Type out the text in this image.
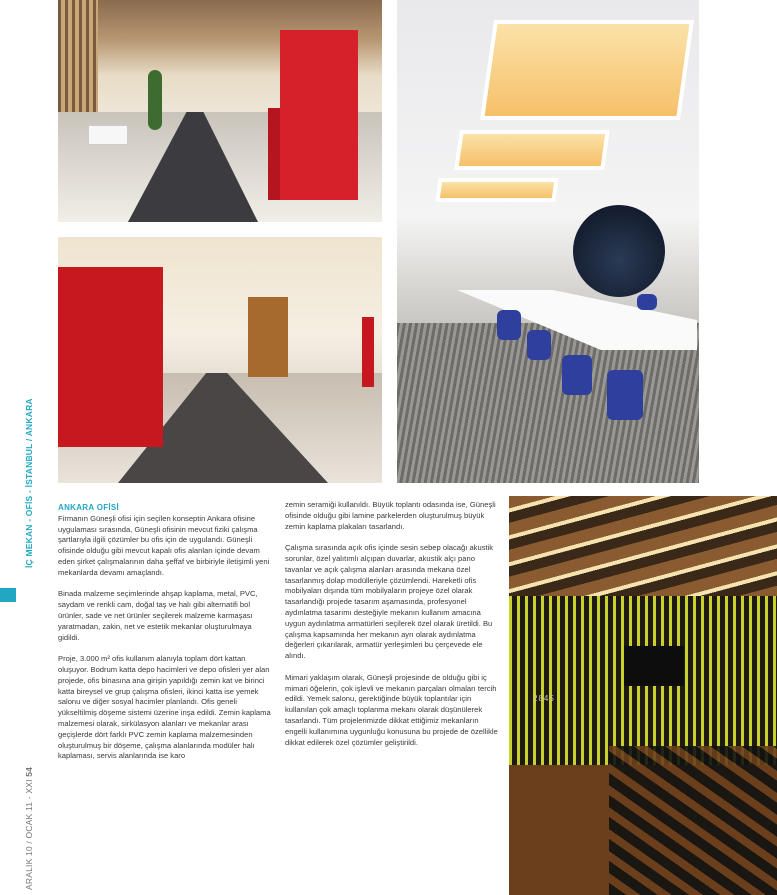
2845
ARALIK 10 / OCAK 11 - XXI 54
İÇ MEKAN - OFİS - İSTANBUL / ANKARA	ANKARA OFİSİ

Firmanın Güneşli ofisi için seçilen konseptin Ankara ofisine uygulaması sırasında, Güneşli ofisinin mevcut fiziki çalışma şartlarıyla ilgili çözümler bu ofis için de uygulandı. Güneşli ofisinde olduğu gibi mevcut kapalı ofis alanları içinde devam eden şirket çalışmalarının daha şeffaf ve birbiriyle iletişimli yeni mekanlarda devamı amaçlandı.

Binada malzeme seçimlerinde ahşap kaplama, metal, PVC, saydam ve renkli cam, doğal taş ve halı gibi alternatifi bol ürünler, sade ve net ürünler seçilerek malzeme karmaşası yaratmadan, zakin, net ve estetik mekanlar oluşturulmaya gidildi.

Proje, 3.000 m² ofis kullanım alanıyla toplam dört kattan oluşuyor. Bodrum katta depo hacimleri ve depo ofisleri yer alan projede, ofis binasına ana girişin yapıldığı zemin kat ve birinci katta bireysel ve grup çalışma ofisleri, ikinci katta ise yemek salonu ve diğer sosyal hacimler planlandı. Ofis geneli yükseltilmiş döşeme sistemi üzerine inşa edildi. Zemin kaplama malzemesi olarak, sirkülasyon alanları ve mekanlar arası geçişlerde dört farklı PVC zemin kaplama malzemesinden oluşturulmuş bir döşeme, çalışma alanlarında modüler halı kaplaması, servis alanlarında ise karo

zemin seramiği kullanıldı. Büyük toplantı odasında ise, Güneşli ofisinde olduğu gibi lamine parkelerden oluşturulmuş büyük zemin kaplama plakaları tasarlandı.

Çalışma sırasında açık ofis içinde sesin sebep olacağı akustik sorunlar, özel yalıtımlı alçıpan duvarlar, akustik alçı pano tavanlar ve açık çalışma alanları arasında mekana özel tasarlanmış dolap modülleriyle çözümlendi. Hareketli ofis mobilyaları dışında tüm mobilyaların projeye özel olarak tasarlandığı projede tasarım aşamasında, profesyonel aydınlatma tasarımı desteğiyle mekanın kullanım amacına uygun aydınlatma armatürleri seçilerek özel olarak üretildi. Bu çalışma kapsamında her mekanın ayrı olarak aydınlatma değerleri çıkarılarak, armatür yerleşimleri bu çerçevede ele alındı.

Mimari yaklaşım olarak, Güneşli projesinde de olduğu gibi iç mimari öğelerin, çok işlevli ve mekanın parçaları olmaları tercih edildi. Yemek salonu, gerektiğinde büyük toplantılar için kullanılan çok amaçlı toplanma mekanı olarak düşünülerek tasarlandı. Tüm projelerimizde dikkat ettiğimiz mekanların engelli kullanımına uygunluğu konusuna bu projede de özellikle dikkat edilerek özel çözümler geliştirildi.
